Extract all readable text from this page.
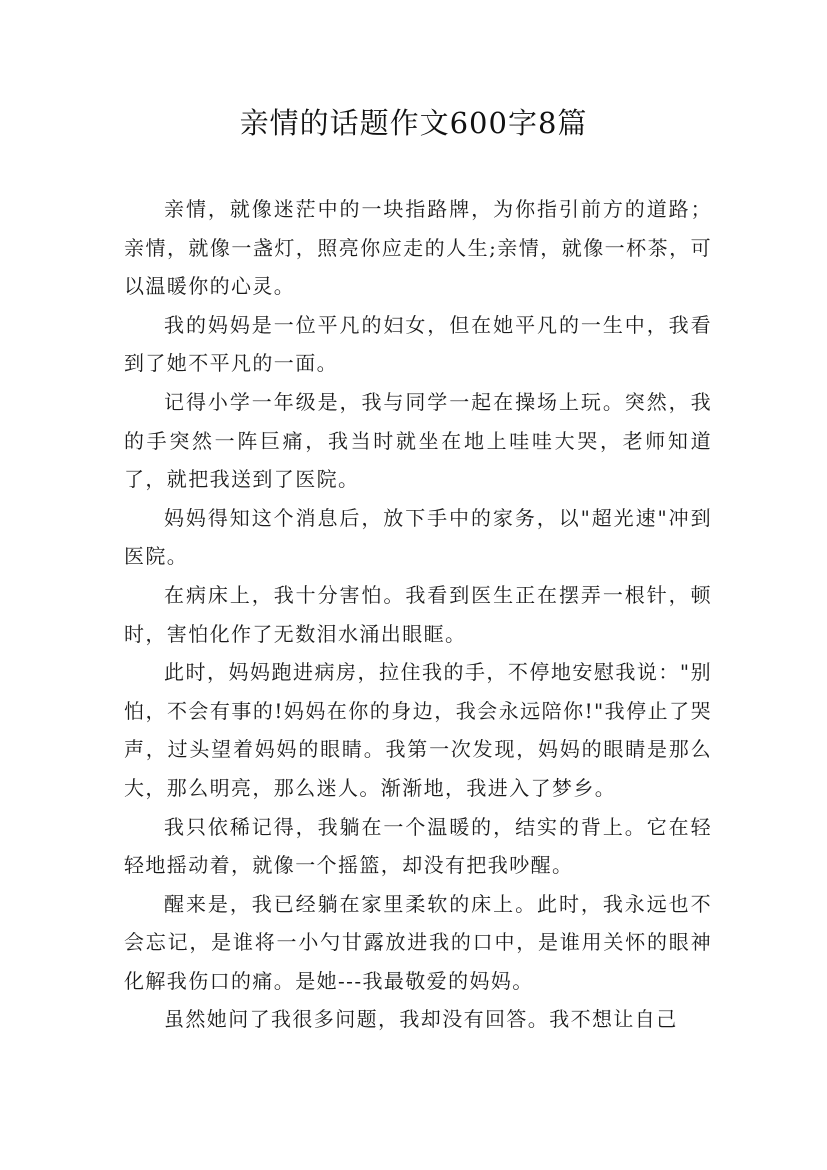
亲情的话题作文600字8篇

亲情，就像迷茫中的一块指路牌，为你指引前方的道路；亲情，就像一盏灯，照亮你应走的人生;亲情，就像一杯茶，可以温暖你的心灵。

我的妈妈是一位平凡的妇女，但在她平凡的一生中，我看到了她不平凡的一面。

记得小学一年级是，我与同学一起在操场上玩。突然，我的手突然一阵巨痛，我当时就坐在地上哇哇大哭，老师知道了，就把我送到了医院。

妈妈得知这个消息后，放下手中的家务，以"超光速"冲到医院。

在病床上，我十分害怕。我看到医生正在摆弄一根针，顿时，害怕化作了无数泪水涌出眼眶。

此时，妈妈跑进病房，拉住我的手，不停地安慰我说："别怕，不会有事的!妈妈在你的身边，我会永远陪你!"我停止了哭声，过头望着妈妈的眼睛。我第一次发现，妈妈的眼睛是那么大，那么明亮，那么迷人。渐渐地，我进入了梦乡。

我只依稀记得，我躺在一个温暖的，结实的背上。它在轻轻地摇动着，就像一个摇篮，却没有把我吵醒。

醒来是，我已经躺在家里柔软的床上。此时，我永远也不会忘记，是谁将一小勺甘露放进我的口中，是谁用关怀的眼神化解我伤口的痛。是她---我最敬爱的妈妈。

虽然她问了我很多问题，我却没有回答。我不想让自己
